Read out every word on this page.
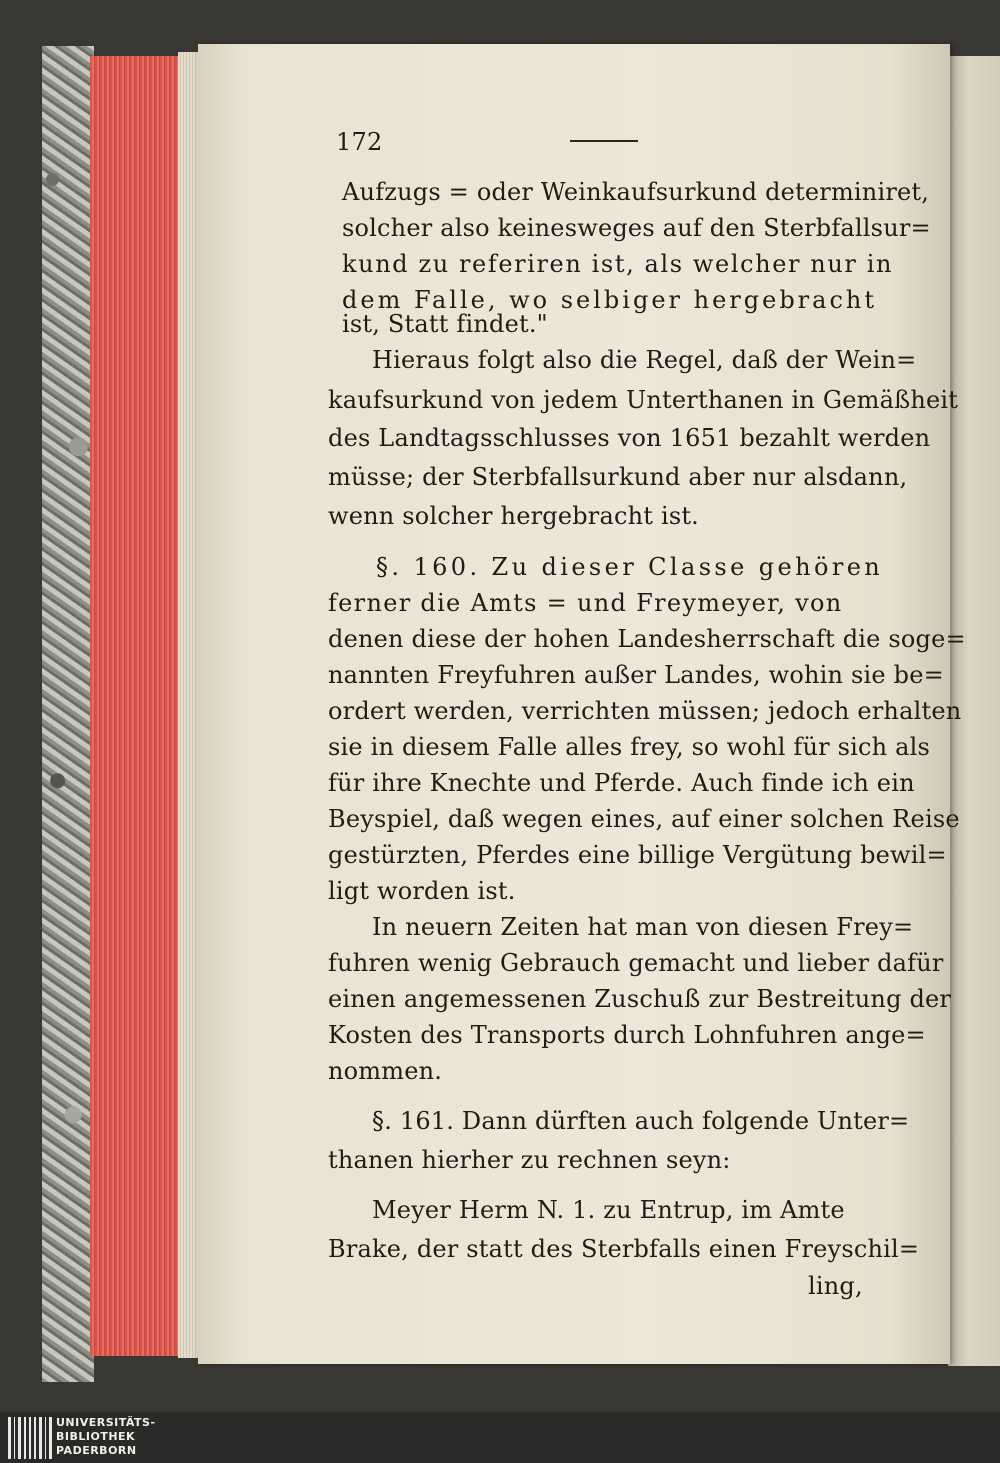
172
Aufzugs = oder Weinkaufsurkund determiniret,
solcher also keinesweges auf den Sterbfallsur=
kund zu referiren ist, als welcher nur in
dem Falle, wo selbiger hergebracht
ist, Statt findet."
Hieraus folgt also die Regel, daß der Wein=
kaufsurkund von jedem Unterthanen in Gemäßheit
des Landtagsschlusses von 1651 bezahlt werden
müsse; der Sterbfallsurkund aber nur alsdann,
wenn solcher hergebracht ist.
§. 160. Zu dieser Classe gehören
ferner die Amts = und Freymeyer, von
denen diese der hohen Landesherrschaft die soge=
nannten Freyfuhren außer Landes, wohin sie be=
ordert werden, verrichten müssen; jedoch erhalten
sie in diesem Falle alles frey, so wohl für sich als
für ihre Knechte und Pferde. Auch finde ich ein
Beyspiel, daß wegen eines, auf einer solchen Reise
gestürzten, Pferdes eine billige Vergütung bewil=
ligt worden ist.
In neuern Zeiten hat man von diesen Frey=
fuhren wenig Gebrauch gemacht und lieber dafür
einen angemessenen Zuschuß zur Bestreitung der
Kosten des Transports durch Lohnfuhren ange=
nommen.
§. 161. Dann dürften auch folgende Unter=
thanen hierher zu rechnen seyn:
Meyer Herm N. 1. zu Entrup, im Amte
Brake, der statt des Sterbfalls einen Freyschil=
ling,
UNIVERSITÄTS-
BIBLIOTHEK
PADERBORN
